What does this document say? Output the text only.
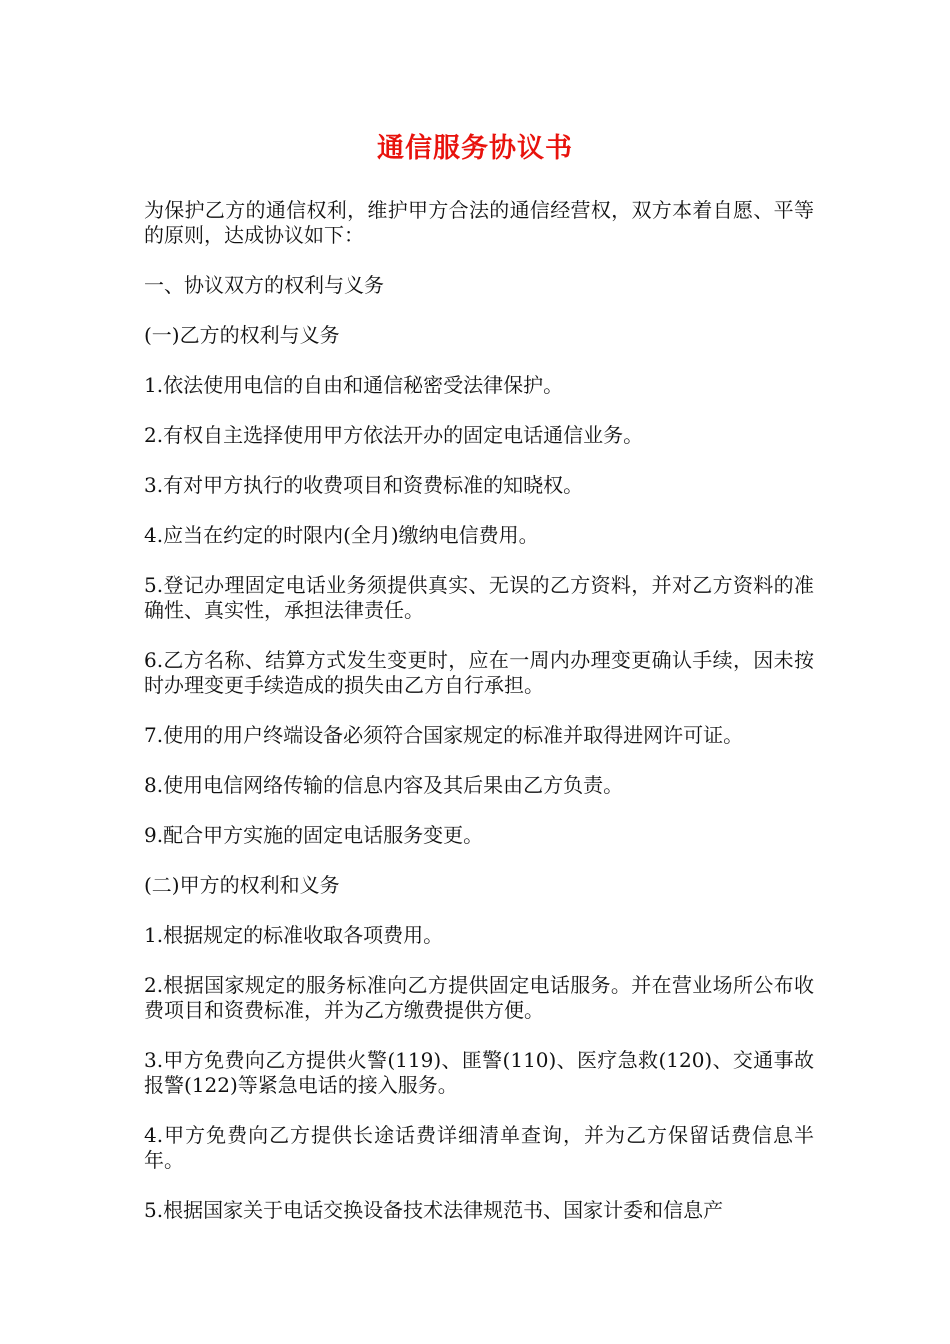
通信服务协议书

为保护乙方的通信权利，维护甲方合法的通信经营权，双方本着自愿、平等的原则，达成协议如下：

一、协议双方的权利与义务

(一)乙方的权利与义务

1.依法使用电信的自由和通信秘密受法律保护。

2.有权自主选择使用甲方依法开办的固定电话通信业务。

3.有对甲方执行的收费项目和资费标准的知晓权。

4.应当在约定的时限内(全月)缴纳电信费用。

5.登记办理固定电话业务须提供真实、无误的乙方资料，并对乙方资料的准确性、真实性，承担法律责任。

6.乙方名称、结算方式发生变更时，应在一周内办理变更确认手续，因未按时办理变更手续造成的损失由乙方自行承担。

7.使用的用户终端设备必须符合国家规定的标准并取得进网许可证。

8.使用电信网络传输的信息内容及其后果由乙方负责。

9.配合甲方实施的固定电话服务变更。

(二)甲方的权利和义务

1.根据规定的标准收取各项费用。

2.根据国家规定的服务标准向乙方提供固定电话服务。并在营业场所公布收费项目和资费标准，并为乙方缴费提供方便。

3.甲方免费向乙方提供火警(119)、匪警(110)、医疗急救(120)、交通事故报警(122)等紧急电话的接入服务。

4.甲方免费向乙方提供长途话费详细清单查询，并为乙方保留话费信息半年。

5.根据国家关于电话交换设备技术法律规范书、国家计委和信息产
